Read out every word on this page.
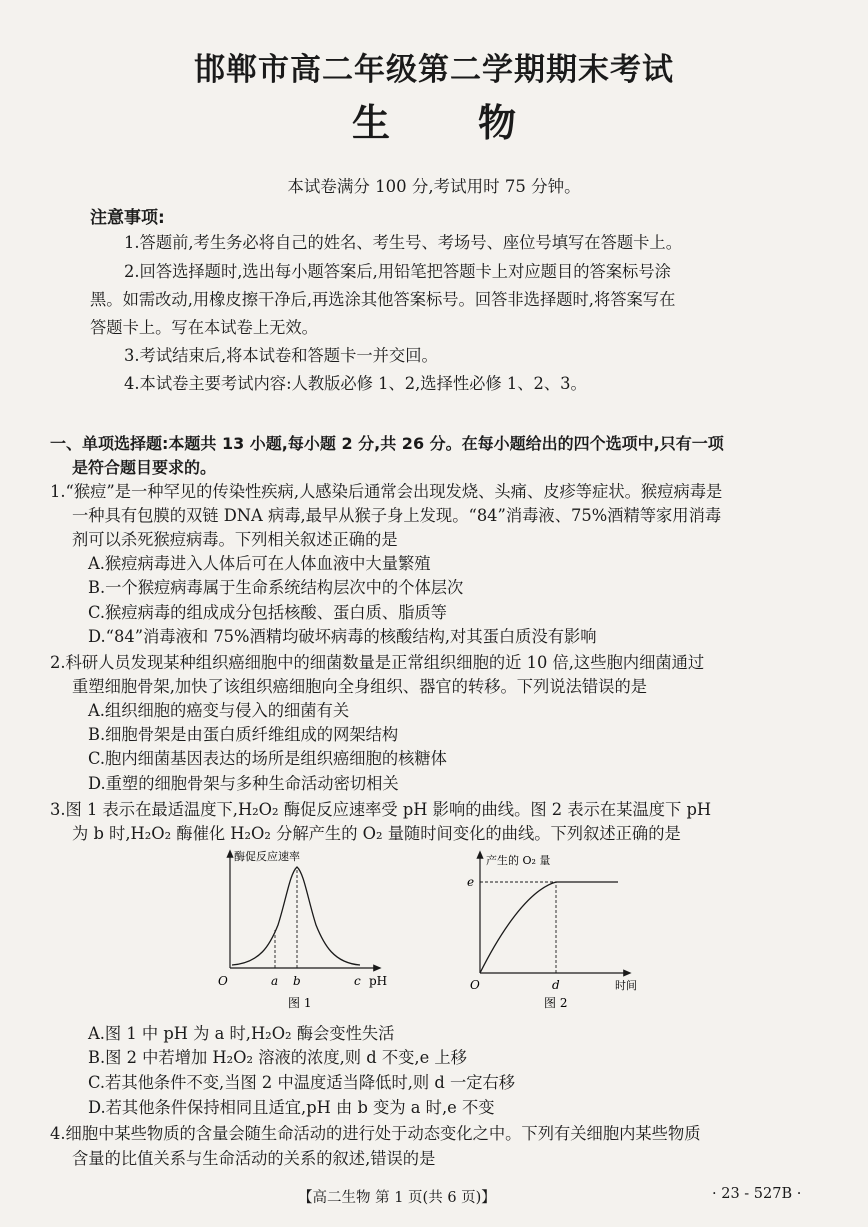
邯郸市高二年级第二学期期末考试
生物
本试卷满分 100 分,考试用时 75 分钟。
注意事项:
1.答题前,考生务必将自己的姓名、考生号、考场号、座位号填写在答题卡上。
2.回答选择题时,选出每小题答案后,用铅笔把答题卡上对应题目的答案标号涂
黑。如需改动,用橡皮擦干净后,再选涂其他答案标号。回答非选择题时,将答案写在
答题卡上。写在本试卷上无效。
3.考试结束后,将本试卷和答题卡一并交回。
4.本试卷主要考试内容:人教版必修 1、2,选择性必修 1、2、3。
一、单项选择题:本题共 13 小题,每小题 2 分,共 26 分。在每小题给出的四个选项中,只有一项
是符合题目要求的。
1.“猴痘”是一种罕见的传染性疾病,人感染后通常会出现发烧、头痛、皮疹等症状。猴痘病毒是
一种具有包膜的双链 DNA 病毒,最早从猴子身上发现。“84”消毒液、75%酒精等家用消毒
剂可以杀死猴痘病毒。下列相关叙述正确的是
A.猴痘病毒进入人体后可在人体血液中大量繁殖
B.一个猴痘病毒属于生命系统结构层次中的个体层次
C.猴痘病毒的组成成分包括核酸、蛋白质、脂质等
D.“84”消毒液和 75%酒精均破坏病毒的核酸结构,对其蛋白质没有影响
2.科研人员发现某种组织癌细胞中的细菌数量是正常组织细胞的近 10 倍,这些胞内细菌通过
重塑细胞骨架,加快了该组织癌细胞向全身组织、器官的转移。下列说法错误的是
A.组织细胞的癌变与侵入的细菌有关
B.细胞骨架是由蛋白质纤维组成的网架结构
C.胞内细菌基因表达的场所是组织癌细胞的核糖体
D.重塑的细胞骨架与多种生命活动密切相关
3.图 1 表示在最适温度下,H₂O₂ 酶促反应速率受 pH 影响的曲线。图 2 表示在某温度下 pH
为 b 时,H₂O₂ 酶催化 H₂O₂ 分解产生的 O₂ 量随时间变化的曲线。下列叙述正确的是
酶促反应速率
O	a b	c pH
图 1
产生的 O₂ 量
e
O	d	时间
图 2
A.图 1 中 pH 为 a 时,H₂O₂ 酶会变性失活
B.图 2 中若增加 H₂O₂ 溶液的浓度,则 d 不变,e 上移
C.若其他条件不变,当图 2 中温度适当降低时,则 d 一定右移
D.若其他条件保持相同且适宜,pH 由 b 变为 a 时,e 不变
4.细胞中某些物质的含量会随生命活动的进行处于动态变化之中。下列有关细胞内某些物质
含量的比值关系与生命活动的关系的叙述,错误的是
【高二生物 第 1 页(共 6 页)】	· 23 - 527B ·
